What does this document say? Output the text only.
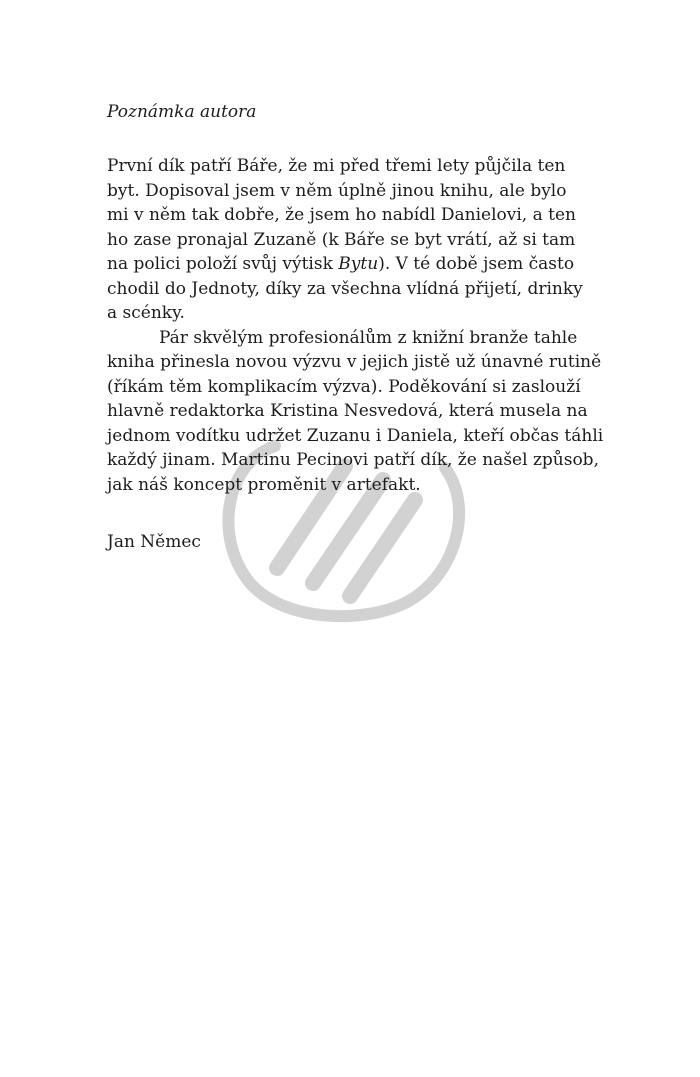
Poznámka autora
První dík patří Báře, že mi před třemi lety půjčila ten
byt. Dopisoval jsem v něm úplně jinou knihu, ale bylo
mi v něm tak dobře, že jsem ho nabídl Danielovi, a ten
ho zase pronajal Zuzaně (k Báře se byt vrátí, až si tam
na polici položí svůj výtisk Bytu). V té době jsem často
chodil do Jednoty, díky za všechna vlídná přijetí, drinky
a scénky.
Pár skvělým profesionálům z knižní branže tahle
kniha přinesla novou výzvu v jejich jistě už únavné rutině
(říkám těm komplikacím výzva). Poděkování si zaslouží
hlavně redaktorka Kristina Nesvedová, která musela na
jednom vodítku udržet Zuzanu i Daniela, kteří občas táhli
každý jinam. Martinu Pecinovi patří dík, že našel způsob,
jak náš koncept proměnit v artefakt.
Jan Němec
